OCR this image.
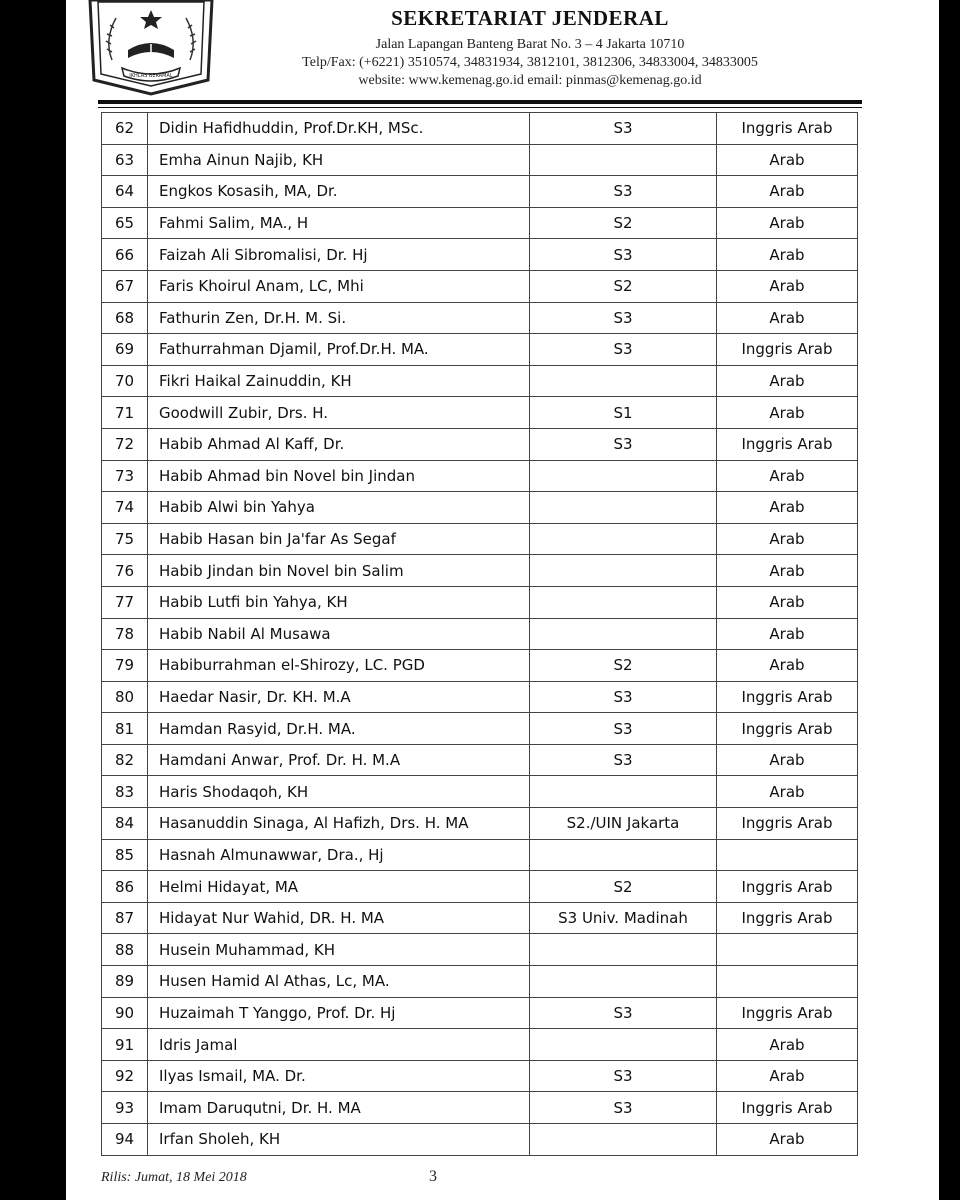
IKHLAS BERAMAL
SEKRETARIAT JENDERAL
Jalan Lapangan Banteng Barat No. 3 – 4 Jakarta 10710
Telp/Fax: (+6221) 3510574, 34831934, 3812101, 3812306, 34833004, 34833005
website: www.kemenag.go.id email: pinmas@kemenag.go.id
62	Didin Hafidhuddin, Prof.Dr.KH, MSc.	S3	Inggris Arab
63	Emha Ainun Najib, KH		Arab
64	Engkos Kosasih, MA, Dr.	S3	Arab
65	Fahmi Salim, MA., H	S2	Arab
66	Faizah Ali Sibromalisi, Dr. Hj	S3	Arab
67	Faris Khoirul Anam, LC, Mhi	S2	Arab
68	Fathurin Zen, Dr.H. M. Si.	S3	Arab
69	Fathurrahman Djamil, Prof.Dr.H. MA.	S3	Inggris Arab
70	Fikri Haikal Zainuddin, KH		Arab
71	Goodwill Zubir, Drs. H.	S1	Arab
72	Habib Ahmad Al Kaff, Dr.	S3	Inggris Arab
73	Habib Ahmad bin Novel bin Jindan		Arab
74	Habib Alwi bin Yahya		Arab
75	Habib Hasan bin Ja'far As Segaf		Arab
76	Habib Jindan bin Novel bin Salim		Arab
77	Habib Lutfi bin Yahya, KH		Arab
78	Habib Nabil Al Musawa		Arab
79	Habiburrahman el-Shirozy, LC. PGD	S2	Arab
80	Haedar Nasir, Dr. KH. M.A	S3	Inggris Arab
81	Hamdan Rasyid, Dr.H. MA.	S3	Inggris Arab
82	Hamdani Anwar, Prof. Dr. H. M.A	S3	Arab
83	Haris Shodaqoh, KH		Arab
84	Hasanuddin Sinaga, Al Hafizh, Drs. H. MA	S2./UIN Jakarta	Inggris Arab
85	Hasnah Almunawwar, Dra., Hj		
86	Helmi Hidayat, MA	S2	Inggris Arab
87	Hidayat Nur Wahid, DR. H. MA	S3 Univ. Madinah	Inggris Arab
88	Husein Muhammad, KH		
89	Husen Hamid Al Athas, Lc, MA.		
90	Huzaimah T Yanggo, Prof. Dr. Hj	S3	Inggris Arab
91	Idris Jamal		Arab
92	Ilyas Ismail, MA. Dr.	S3	Arab
93	Imam Daruqutni, Dr. H. MA	S3	Inggris Arab
94	Irfan Sholeh, KH		Arab
Rilis: Jumat, 18 Mei 2018	3
